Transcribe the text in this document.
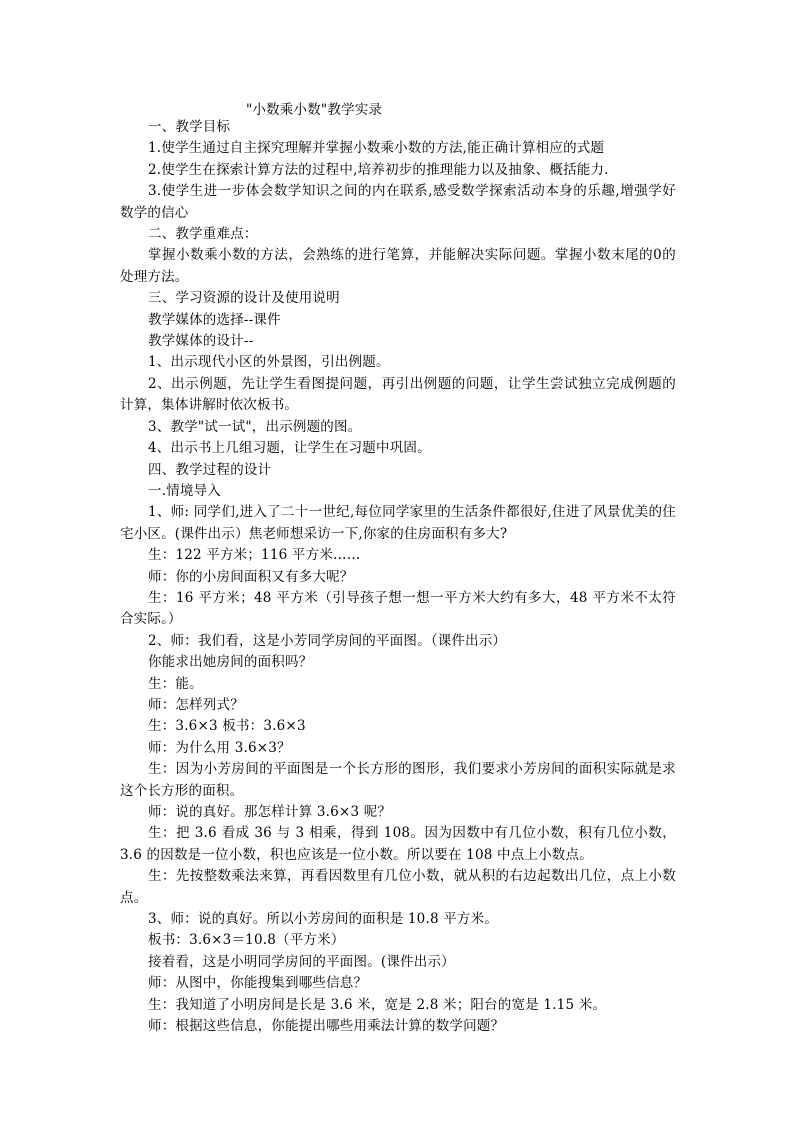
"小数乘小数"教学实录

一、教学目标

1.使学生通过自主探究理解并掌握小数乘小数的方法,能正确计算相应的式题

2.使学生在探索计算方法的过程中,培养初步的推理能力以及抽象、概括能力.

3.使学生进一步体会数学知识之间的内在联系,感受数学探索活动本身的乐趣,增强学好数学的信心

二、教学重难点：

掌握小数乘小数的方法，会熟练的进行笔算，并能解决实际问题。掌握小数末尾的0的处理方法。

三、学习资源的设计及使用说明

教学媒体的选择--课件

教学媒体的设计--

1、出示现代小区的外景图，引出例题。

2、出示例题，先让学生看图提问题，再引出例题的问题，让学生尝试独立完成例题的计算，集体讲解时依次板书。

3、教学"试一试"，出示例题的图。

4、出示书上几组习题，让学生在习题中巩固。

四、教学过程的设计

一.情境导入

1、师: 同学们,进入了二十一世纪,每位同学家里的生活条件都很好,住进了风景优美的住宅小区。(课件出示）焦老师想采访一下,你家的住房面积有多大?

生：122 平方米；116 平方米……

师：你的小房间面积又有多大呢？

生：16 平方米；48 平方米（引导孩子想一想一平方米大约有多大，48 平方米不太符合实际。）

2、师：我们看，这是小芳同学房间的平面图。（课件出示）

你能求出她房间的面积吗？

生：能。

师：怎样列式？

生：3.6×3 板书：3.6×3

师：为什么用 3.6×3？

生：因为小芳房间的平面图是一个长方形的图形，我们要求小芳房间的面积实际就是求这个长方形的面积。

师：说的真好。那怎样计算 3.6×3 呢？

生：把 3.6 看成 36 与 3 相乘，得到 108。因为因数中有几位小数，积有几位小数，3.6 的因数是一位小数，积也应该是一位小数。所以要在 108 中点上小数点。

生：先按整数乘法来算，再看因数里有几位小数，就从积的右边起数出几位，点上小数点。

3、师：说的真好。所以小芳房间的面积是 10.8 平方米。

板书：3.6×3＝10.8（平方米）

接着看，这是小明同学房间的平面图。(课件出示）

师：从图中，你能搜集到哪些信息？

生：我知道了小明房间是长是 3.6 米，宽是 2.8 米；阳台的宽是 1.15 米。

师：根据这些信息，你能提出哪些用乘法计算的数学问题？
